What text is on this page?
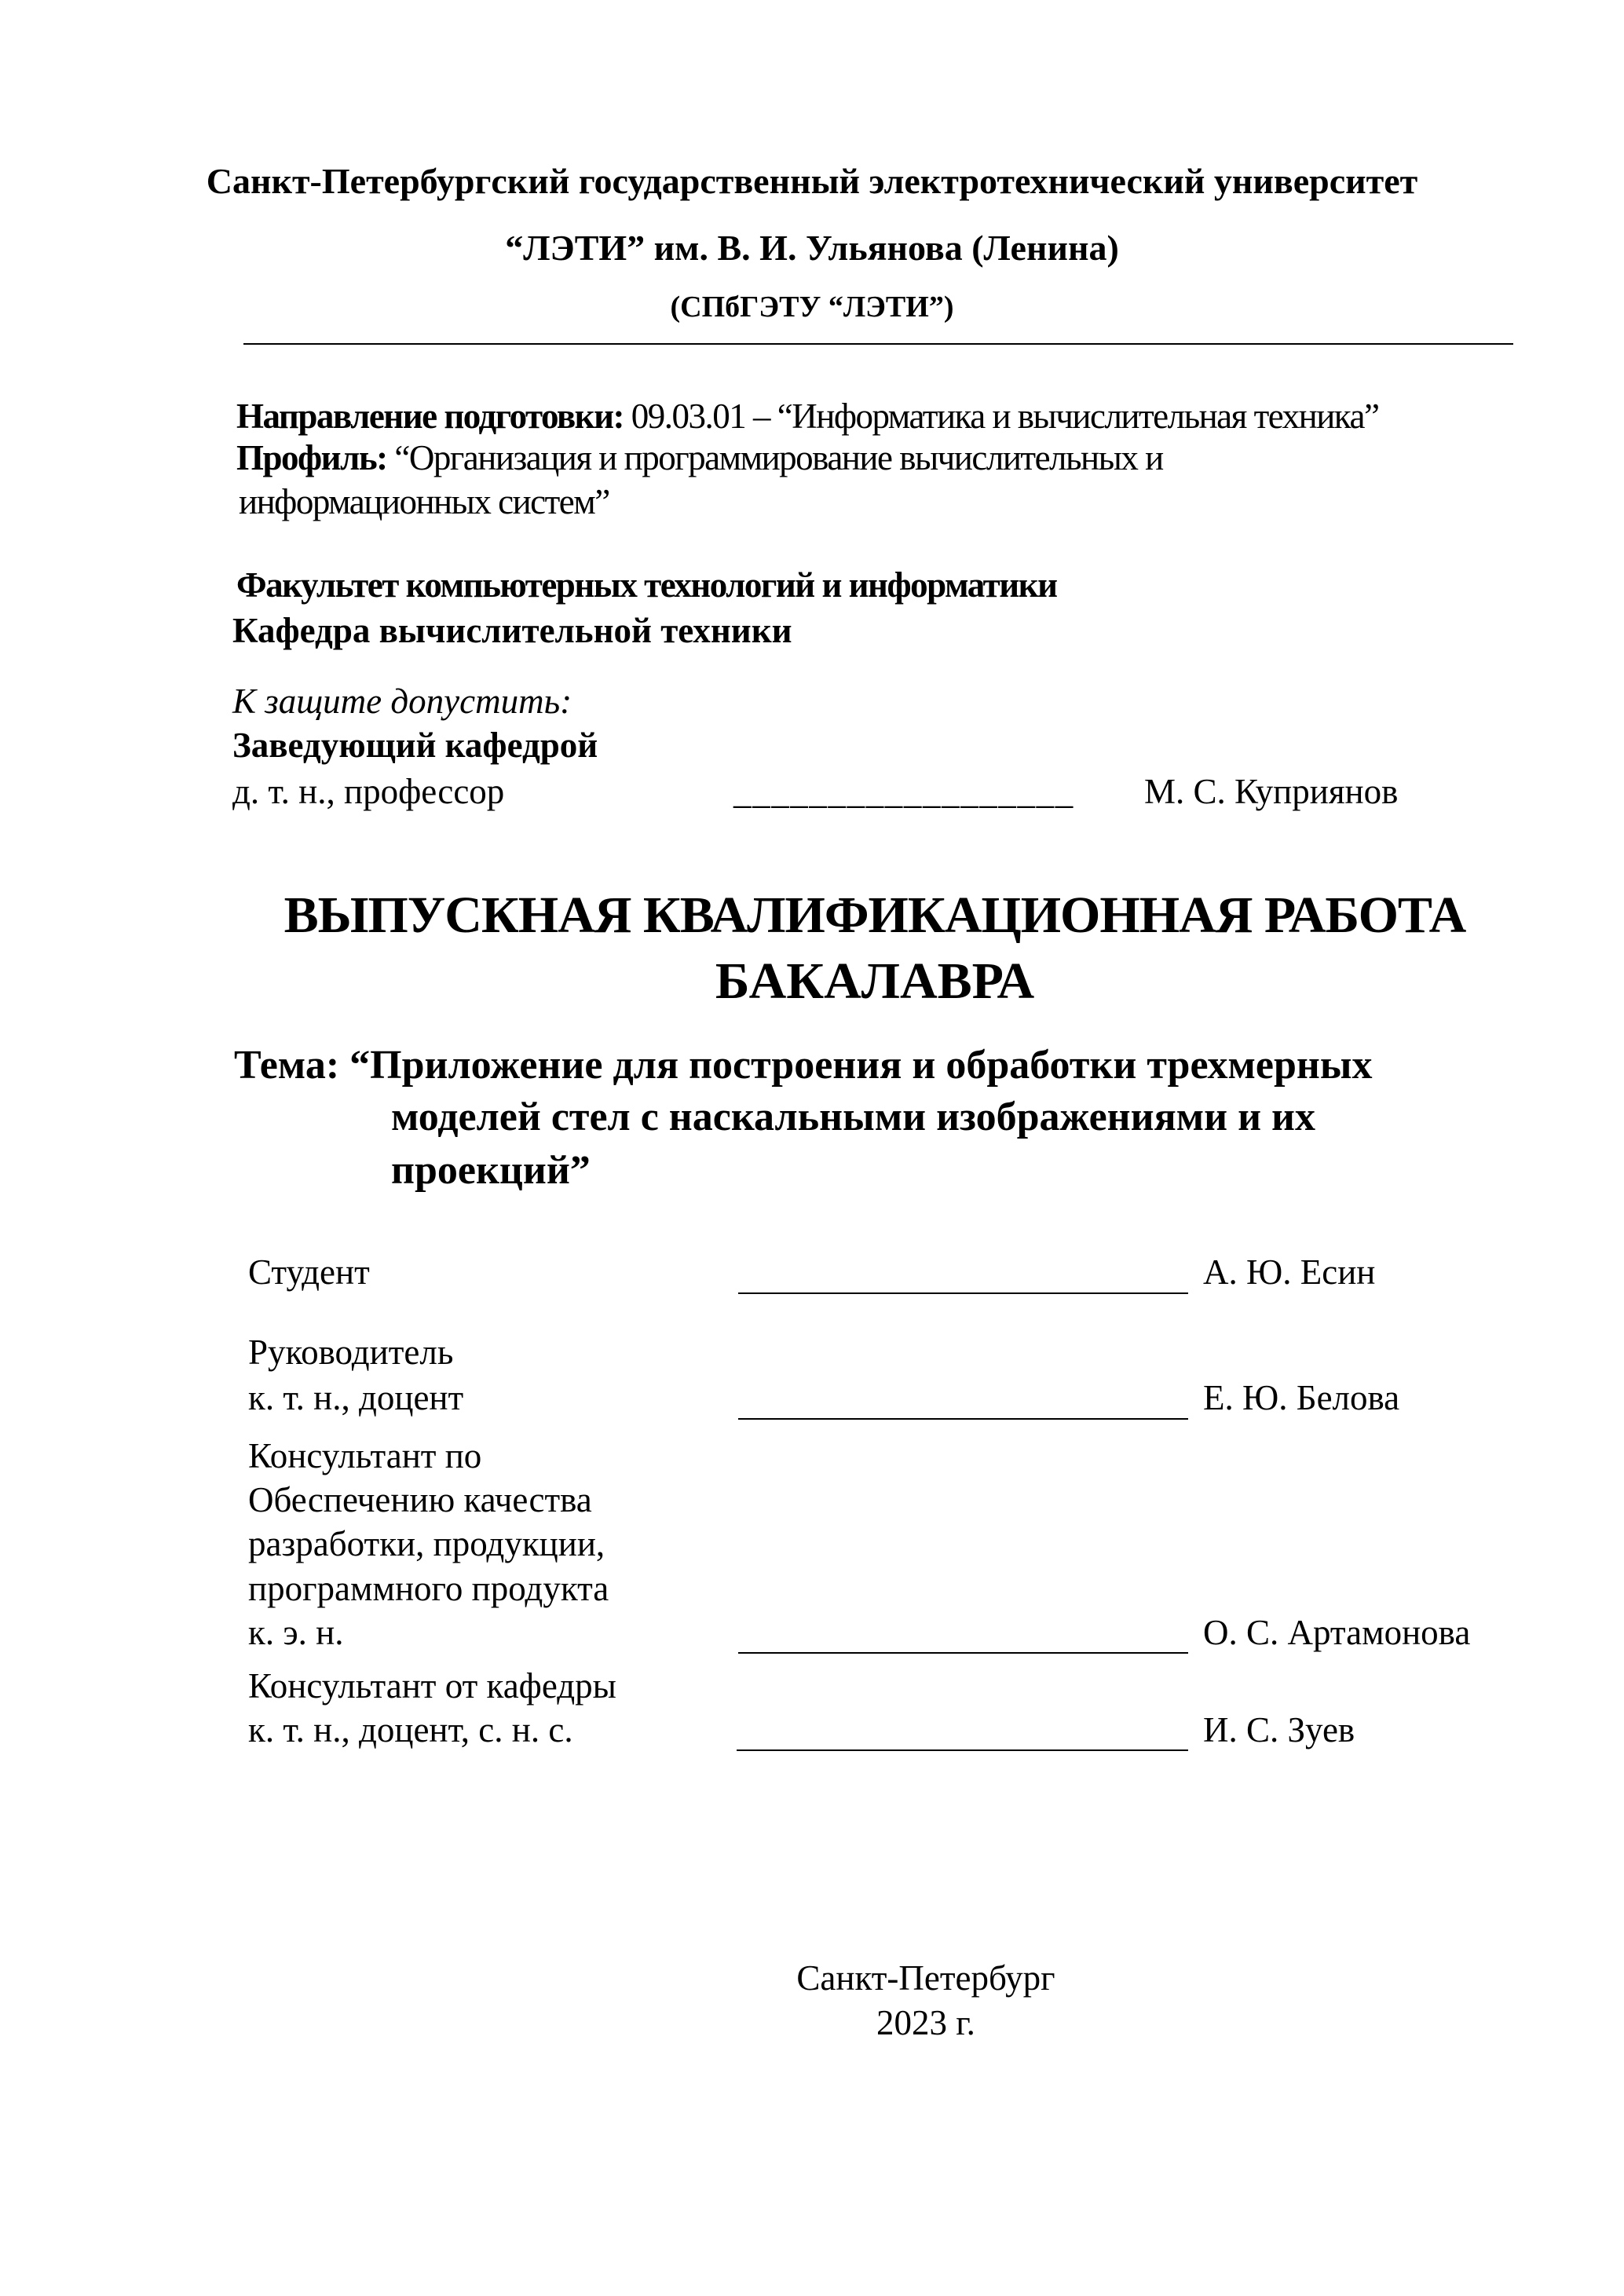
Санкт-Петербургский государственный электротехнический университет
“ЛЭТИ” им. В. И. Ульянова (Ленина)
(СПбГЭТУ “ЛЭТИ”)
Направление подготовки: 09.03.01 – “Информатика и вычислительная техника”
Профиль: “Организация и программирование вычислительных и
информационных систем”
Факультет компьютерных технологий и информатики
Кафедра вычислительной техники
К защите допустить:
Заведующий кафедрой
д. т. н., профессор	__________________ М. С. Куприянов
ВЫПУСКНАЯ КВАЛИФИКАЦИОННАЯ РАБОТА
БАКАЛАВРА
Тема: “Приложение для построения и обработки трехмерных
моделей стел с наскальными изображениями и их
проекций”
Студент	А. Ю. Есин
Руководитель
к. т. н., доцент	Е. Ю. Белова
Консультант по
Обеспечению качества
разработки, продукции,
программного продукта
к. э. н.	О. С. Артамонова
Консультант от кафедры
к. т. н., доцент, с. н. с.	И. С. Зуев
Санкт-Петербург
2023 г.
